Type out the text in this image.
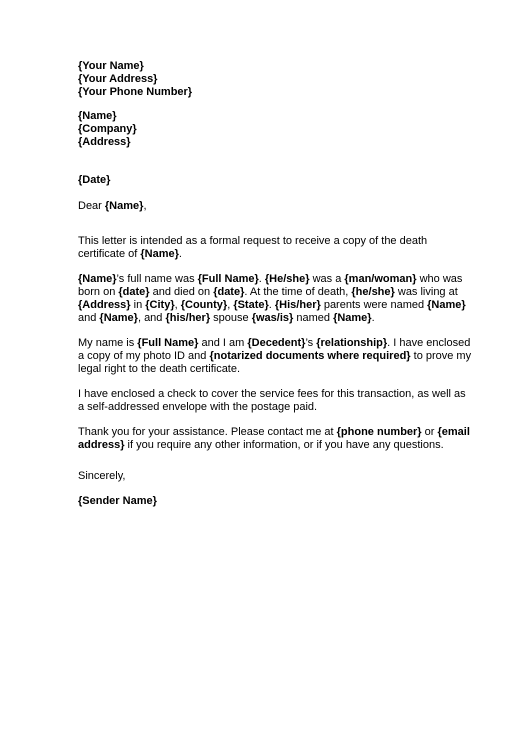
{Your Name}
{Your Address}
{Your Phone Number}
{Name}
{Company}
{Address}
{Date}
Dear {Name},
This letter is intended as a formal request to receive a copy of the death
certificate of {Name}.
{Name}’s full name was {Full Name}. {He/she} was a {man/woman} who was
born on {date} and died on {date}. At the time of death, {he/she} was living at
{Address} in {City}, {County}, {State}. {His/her} parents were named {Name}
and {Name}, and {his/her} spouse {was/is} named {Name}.
My name is {Full Name} and I am {Decedent}’s {relationship}. I have enclosed
a copy of my photo ID and {notarized documents where required} to prove my
legal right to the death certificate.
I have enclosed a check to cover the service fees for this transaction, as well as
a self-addressed envelope with the postage paid.
Thank you for your assistance. Please contact me at {phone number} or {email
address} if you require any other information, or if you have any questions.
Sincerely,
{Sender Name}
